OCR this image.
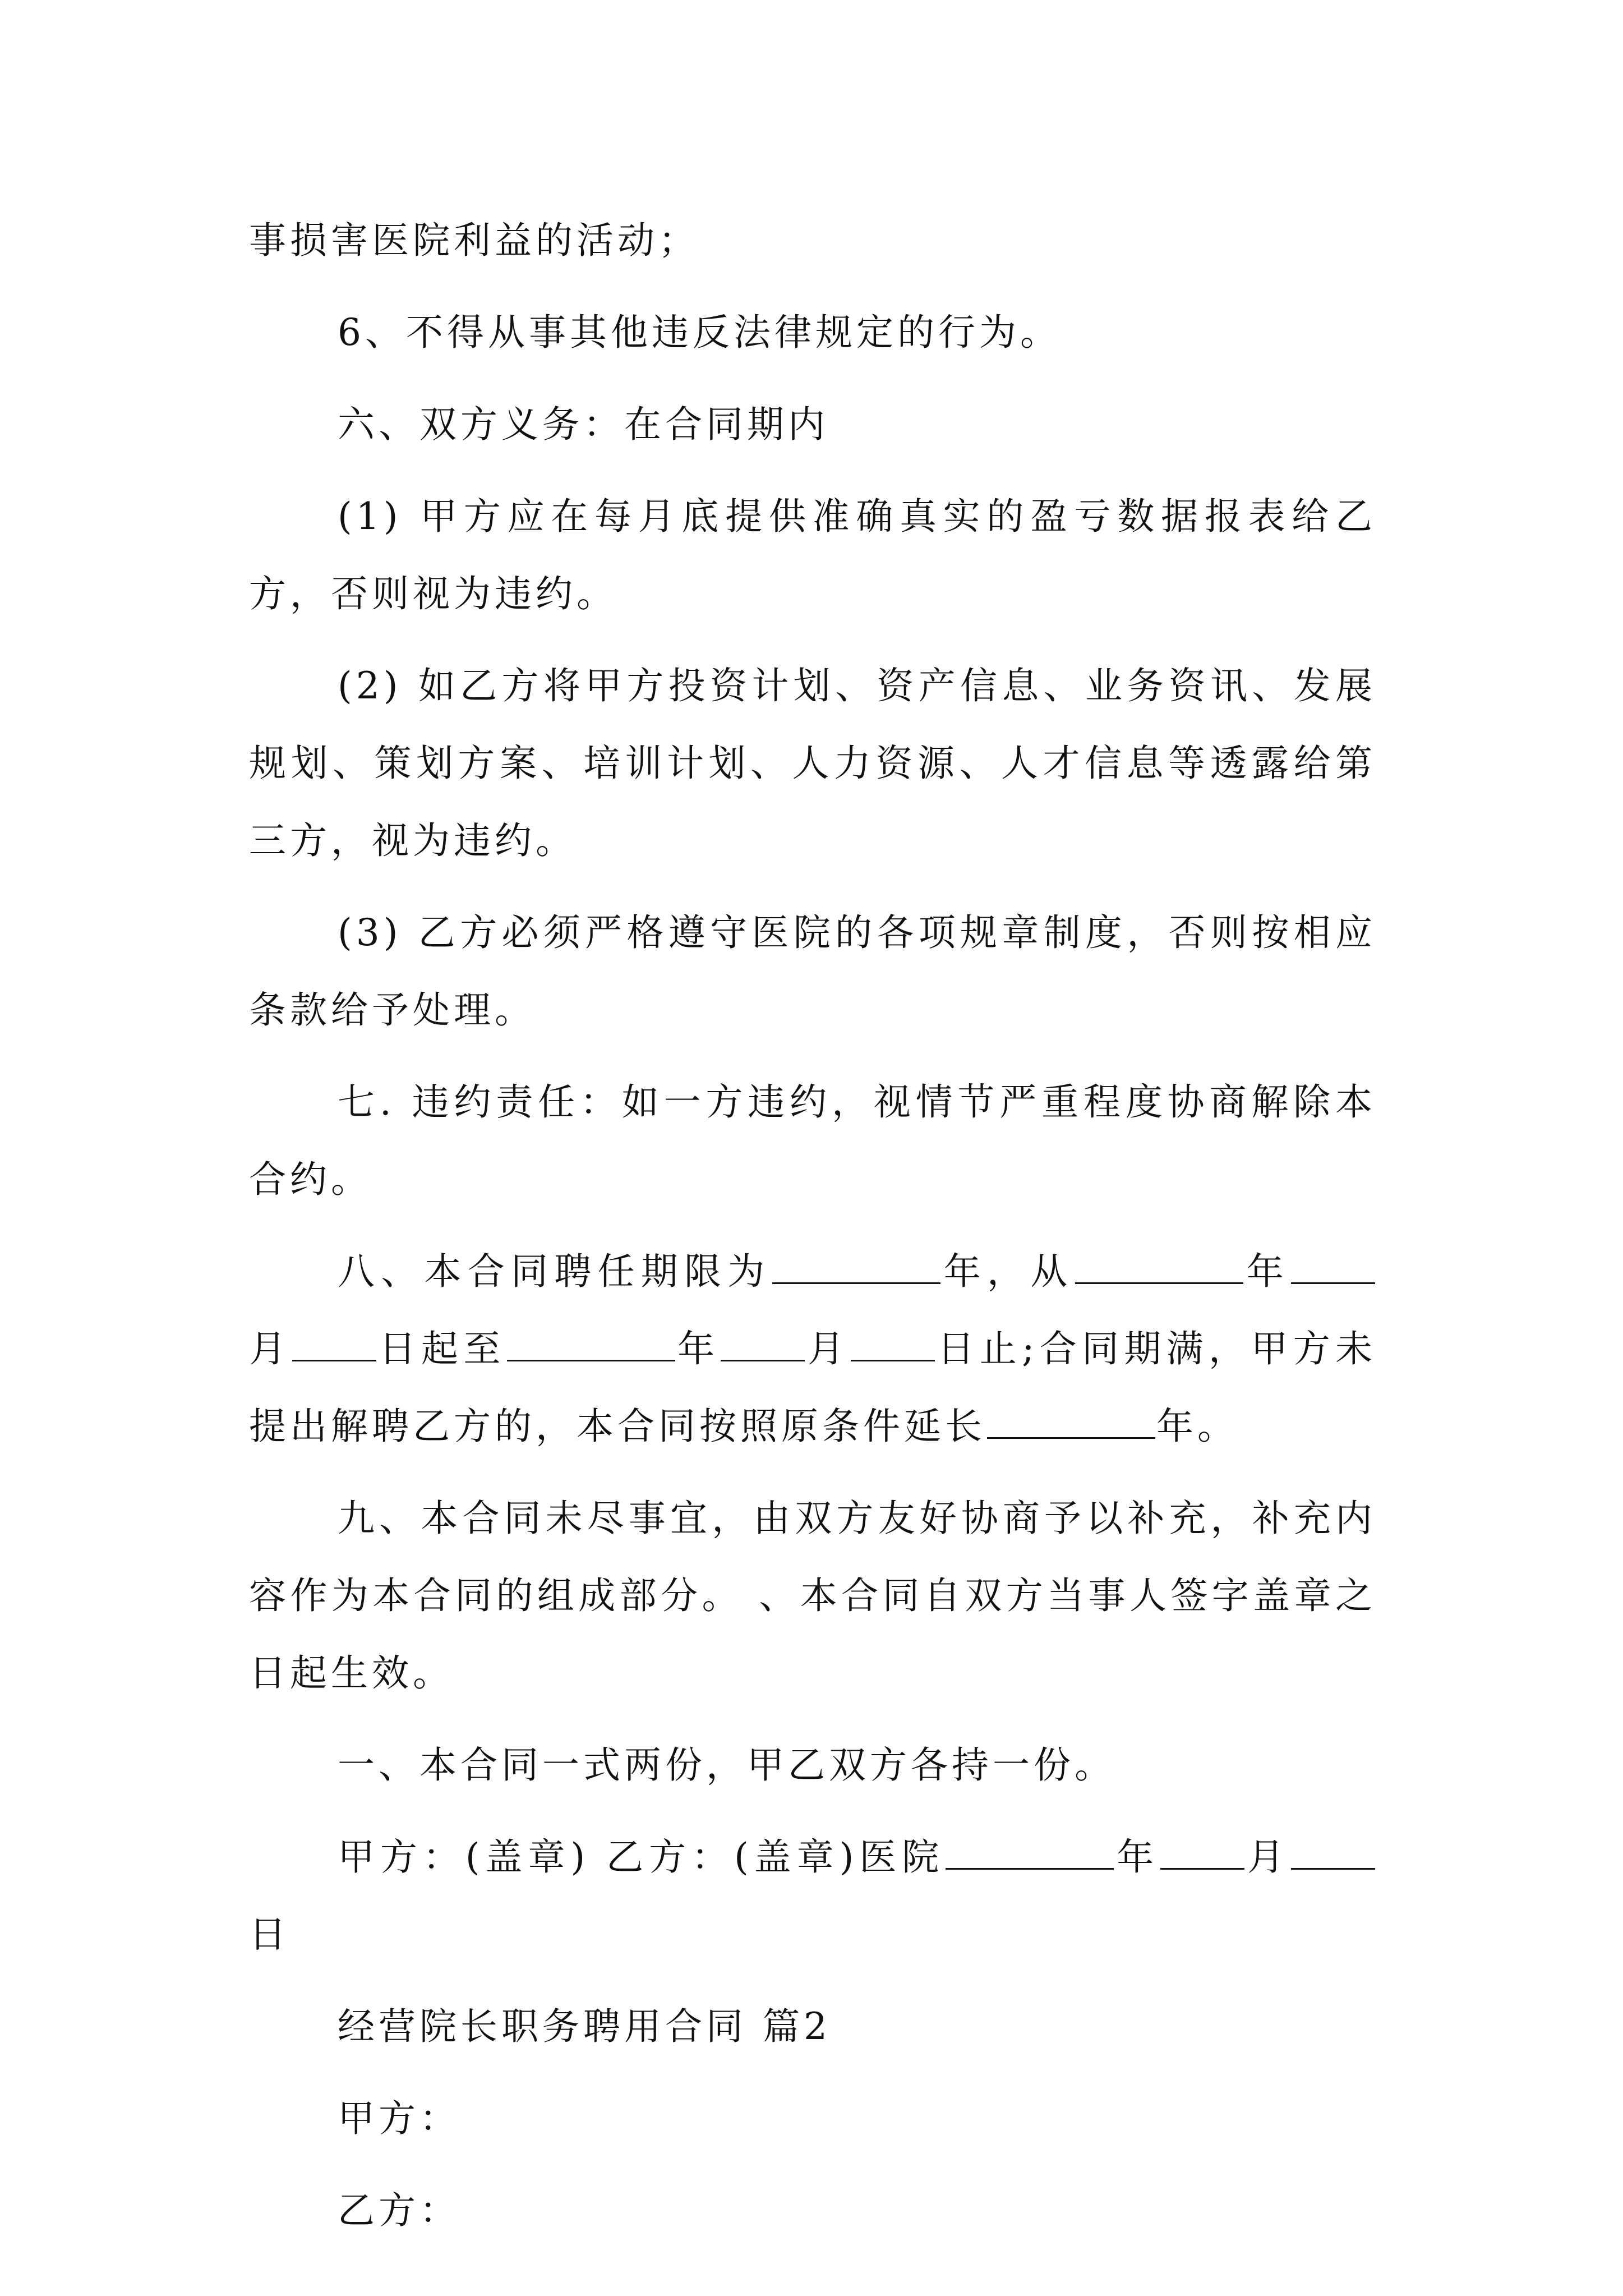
事损害医院利益的活动；

6、不得从事其他违反法律规定的行为。

六、双方义务：在合同期内

(1) 甲方应在每月底提供准确真实的盈亏数据报表给乙方，否则视为违约。

(2) 如乙方将甲方投资计划、资产信息、业务资讯、发展规划、策划方案、培训计划、人力资源、人才信息等透露给第三方，视为违约。

(3) 乙方必须严格遵守医院的各项规章制度，否则按相应条款给予处理。

七. 违约责任：如一方违约，视情节严重程度协商解除本合约。

八、本合同聘任期限为	年，从	年月 日起至	年 月 日止;合同期满，甲方未提出解聘乙方的，本合同按照原条件延长	年。

九、本合同未尽事宜，由双方友好协商予以补充，补充内容作为本合同的组成部分。 、本合同自双方当事人签字盖章之日起生效。

一、本合同一式两份，甲乙双方各持一份。

甲方：(盖章) 乙方：(盖章)医院	年 月日

经营院长职务聘用合同 篇2

甲方：

乙方：
